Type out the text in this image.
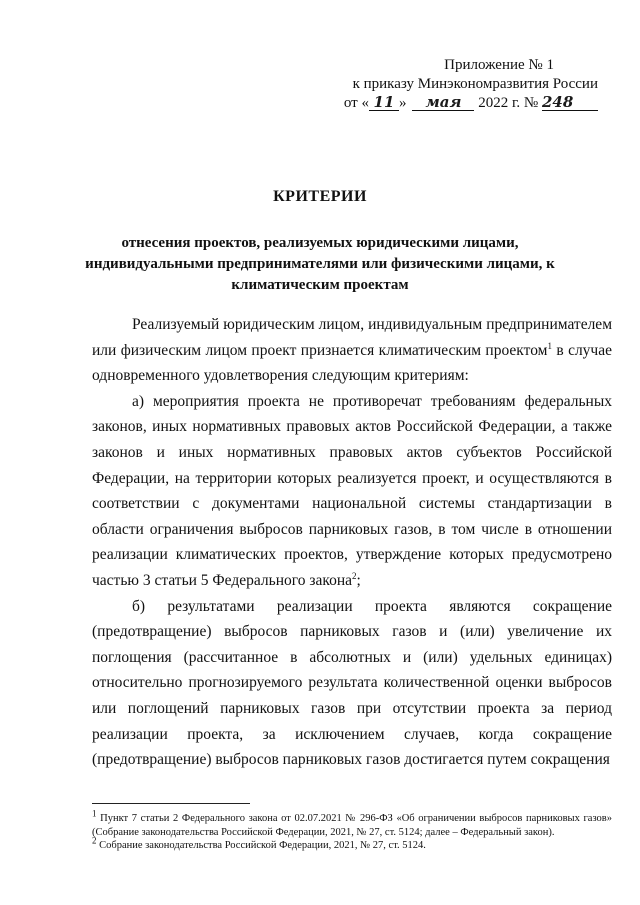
Приложение № 1
к приказу Минэкономразвития России
от « 11 » мая 2022 г. № 248
КРИТЕРИИ
отнесения проектов, реализуемых юридическими лицами, индивидуальными предпринимателями или физическими лицами, к климатическим проектам

Реализуемый юридическим лицом, индивидуальным предпринимателем или физическим лицом проект признается климатическим проектом$^1$ в случае одновременного удовлетворения следующим критериям:

а) мероприятия проекта не противоречат требованиям федеральных законов, иных нормативных правовых актов Российской Федерации, а также законов и иных нормативных правовых актов субъектов Российской Федерации, на территории которых реализуется проект, и осуществляются в соответствии с документами национальной системы стандартизации в области ограничения выбросов парниковых газов, в том числе в отношении реализации климатических проектов, утверждение которых предусмотрено частью 3 статьи 5 Федерального закона$^2$;

б) результатами реализации проекта являются сокращение (предотвращение) выбросов парниковых газов и (или) увеличение их поглощения (рассчитанное в абсолютных и (или) удельных единицах) относительно прогнозируемого результата количественной оценки выбросов или поглощений парниковых газов при отсутствии проекта за период реализации проекта, за исключением случаев, когда сокращение (предотвращение) выбросов парниковых газов достигается путем сокращения

$^1$ Пункт 7 статьи 2 Федерального закона от 02.07.2021 № 296-ФЗ «Об ограничении выбросов парниковых газов» (Собрание законодательства Российской Федерации, 2021, № 27, ст. 5124; далее – Федеральный закон).

$^2$ Собрание законодательства Российской Федерации, 2021, № 27, ст. 5124.
